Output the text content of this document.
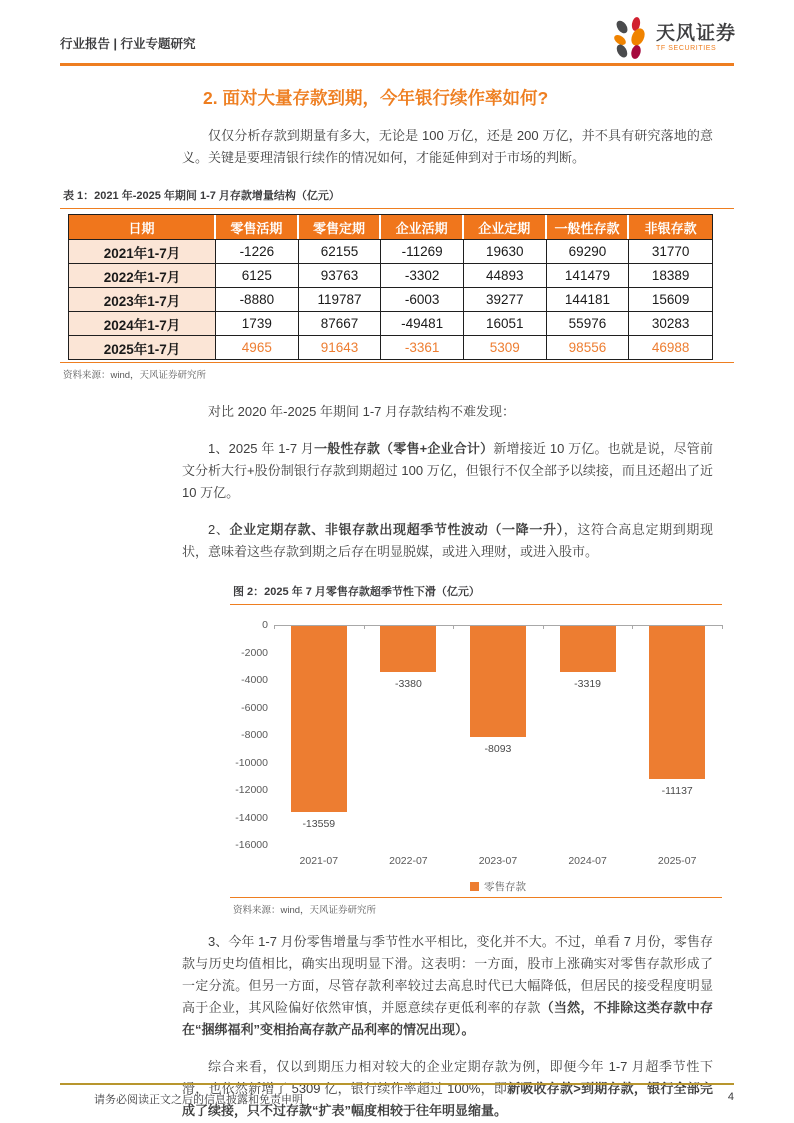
行业报告 | 行业专题研究	天风证券
TF SECURITIES
2. 面对大量存款到期，今年银行续作率如何?

仅仅分析存款到期量有多大，无论是 100 万亿，还是 200 万亿，并不具有研究落地的意义。关键是要理清银行续作的情况如何，才能延伸到对于市场的判断。

表 1：2021 年-2025 年期间 1-7 月存款增量结构（亿元）
日期	零售活期	零售定期	企业活期	企业定期	一般性存款	非银存款
2021年1-7月	-1226	62155	-11269	19630	69290	31770
2022年1-7月	6125	93763	-3302	44893	141479	18389
2023年1-7月	-8880	119787	-6003	39277	144181	15609
2024年1-7月	1739	87667	-49481	16051	55976	30283
2025年1-7月	4965	91643	-3361	5309	98556	46988
资料来源：wind，天风证券研究所

对比 2020 年-2025 年期间 1-7 月存款结构不难发现：

1、2025 年 1-7 月一般性存款（零售+企业合计）新增接近 10 万亿。也就是说，尽管前文分析大行+股份制银行存款到期超过 100 万亿，但银行不仅全部予以续接，而且还超出了近 10 万亿。

2、企业定期存款、非银存款出现超季节性波动（一降一升），这符合高息定期到期现状，意味着这些存款到期之后存在明显脱媒，或进入理财，或进入股市。

图 2：2025 年 7 月零售存款超季节性下滑（亿元）
0
-2000
-4000
-6000
-8000
-10000
-12000
-14000
-16000
-13559
2021-07
-3380
2022-07
-8093
2023-07
-3319
2024-07
-11137
2025-07
零售存款
资料来源：wind，天风证券研究所

3、今年 1-7 月份零售增量与季节性水平相比，变化并不大。不过，单看 7 月份，零售存款与历史均值相比，确实出现明显下滑。这表明：一方面，股市上涨确实对零售存款形成了一定分流。但另一方面，尽管存款利率较过去高息时代已大幅降低，但居民的接受程度明显高于企业，其风险偏好依然审慎，并愿意续存更低利率的存款（当然，不排除这类存款中存在“捆绑福利”变相抬高存款产品利率的情况出现）。

综合来看，仅以到期压力相对较大的企业定期存款为例，即便今年 1-7 月超季节性下滑，也依然新增了 5309 亿，银行续作率超过 100%，即新吸收存款>到期存款，银行全部完成了续接，只不过存款“扩表”幅度相较于往年明显缩量。

请务必阅读正文之后的信息披露和免责申明	4
